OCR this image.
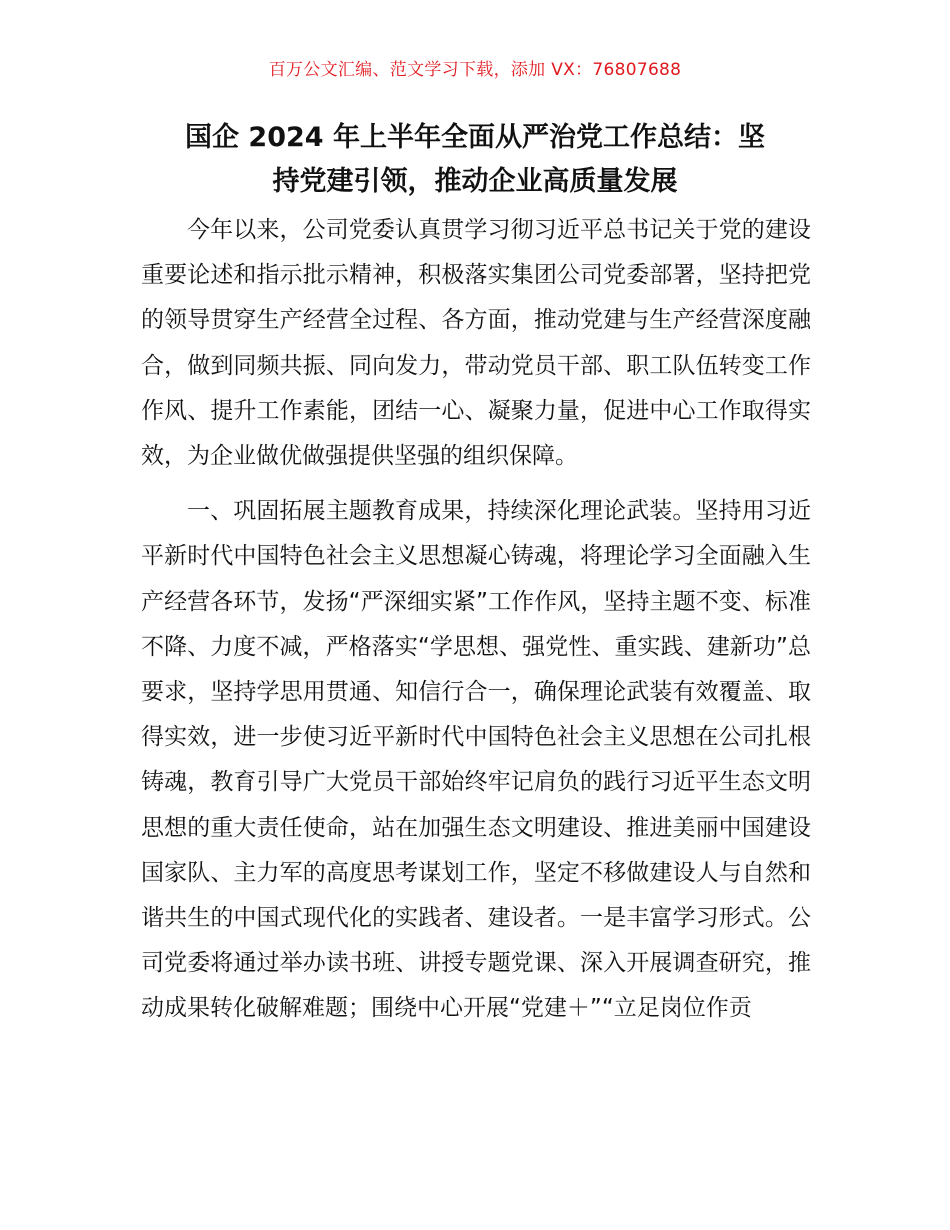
百万公文汇编、范文学习下载，添加 VX：76807688
国企 2024 年上半年全面从严治党工作总结：坚
持党建引领，推动企业高质量发展

今年以来，公司党委认真贯学习彻习近平总书记关于党的建设重要论述和指示批示精神，积极落实集团公司党委部署，坚持把党的领导贯穿生产经营全过程、各方面，推动党建与生产经营深度融合，做到同频共振、同向发力，带动党员干部、职工队伍转变工作作风、提升工作素能，团结一心、凝聚力量，促进中心工作取得实效，为企业做优做强提供坚强的组织保障。

一、巩固拓展主题教育成果，持续深化理论武装。坚持用习近平新时代中国特色社会主义思想凝心铸魂，将理论学习全面融入生产经营各环节，发扬“严深细实紧”工作作风，坚持主题不变、标准不降、力度不减，严格落实“学思想、强党性、重实践、建新功”总要求，坚持学思用贯通、知信行合一，确保理论武装有效覆盖、取得实效，进一步使习近平新时代中国特色社会主义思想在公司扎根铸魂，教育引导广大党员干部始终牢记肩负的践行习近平生态文明思想的重大责任使命，站在加强生态文明建设、推进美丽中国建设国家队、主力军的高度思考谋划工作，坚定不移做建设人与自然和谐共生的中国式现代化的实践者、建设者。一是丰富学习形式。公司党委将通过举办读书班、讲授专题党课、深入开展调查研究，推动成果转化破解难题；围绕中心开展“党建＋”“立足岗位作贡
